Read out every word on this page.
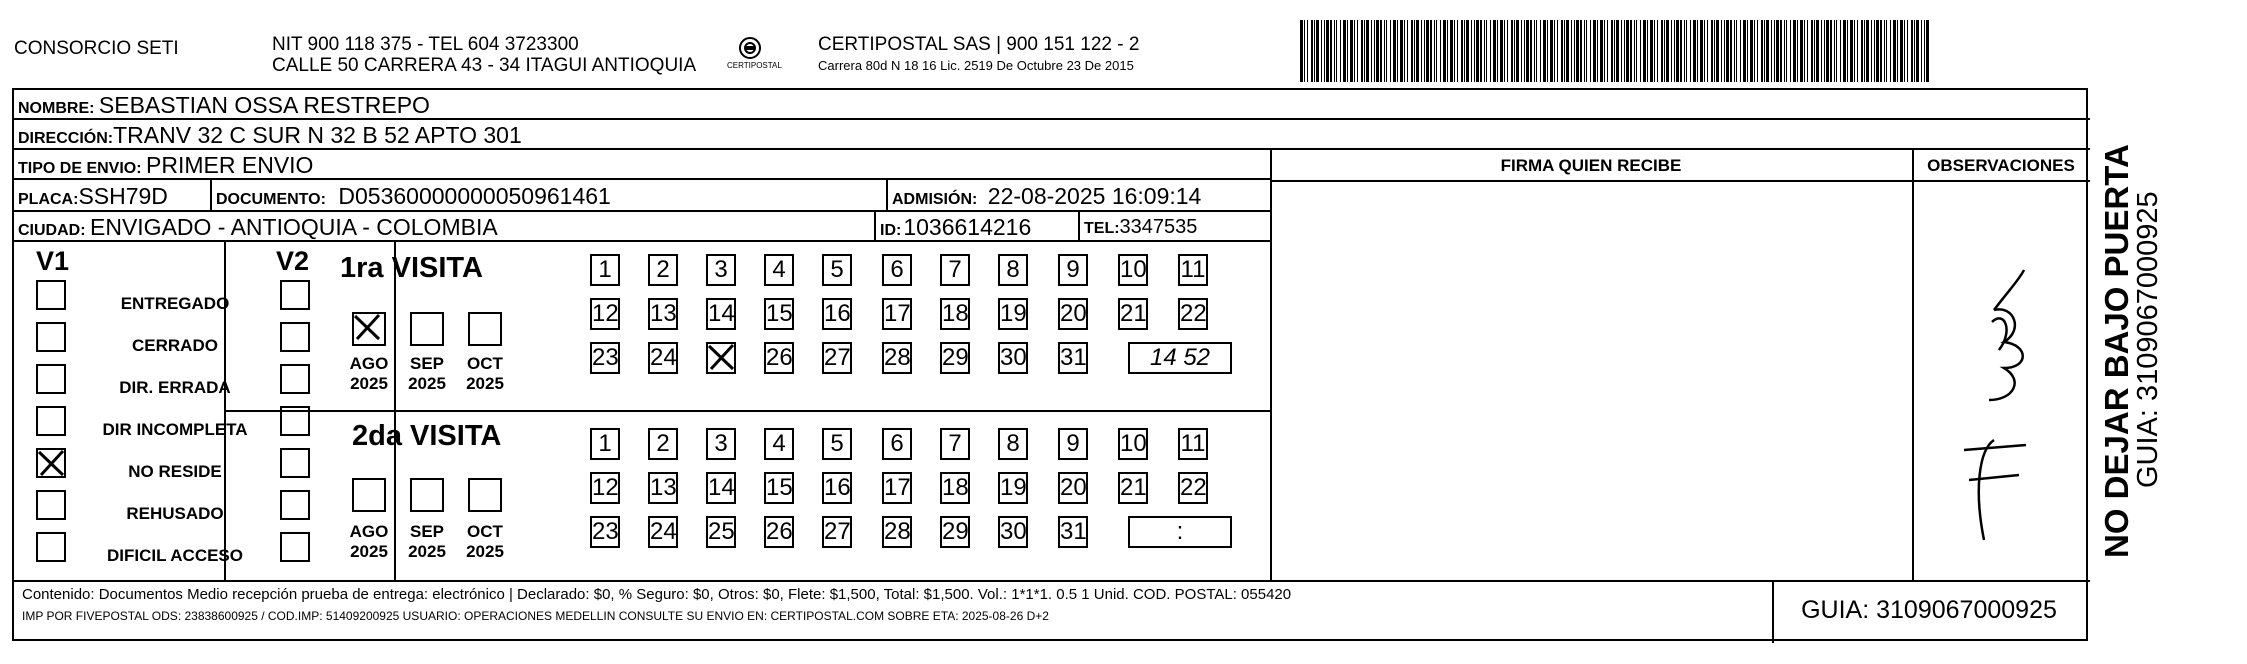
CONSORCIO SETI	NIT 900 118 375 - TEL 604 3723300
CALLE 50 CARRERA 43 - 34 ITAGUI ANTIOQUIA	CERTIPOSTAL
CERTIPOSTAL SAS | 900 151 122 - 2
Carrera 80d N 18 16 Lic. 2519 De Octubre 23 De 2015
NOMBRE: SEBASTIAN OSSA RESTREPO
DIRECCIÓN:TRANV 32 C SUR N 32 B 52 APTO 301
TIPO DE ENVIO: PRIMER ENVIO
PLACA:SSH79D	DOCUMENTO: D05360000000050961461	ADMISIÓN: 22-08-2025 16:09:14
CIUDAD: ENVIGADO - ANTIOQUIA - COLOMBIA	ID:1036614216	TEL:3347535
FIRMA QUIEN RECIBE	OBSERVACIONES
V1	V2
ENTREGADO
CERRADO
DIR. ERRADA
DIR INCOMPLETA
NO RESIDE
REHUSADO
DIFICIL ACCESO
1ra VISITA
2da VISITA
AGO
2025
SEP
2025
OCT
2025
AGO
2025
SEP
2025
OCT
2025
1	2	3	4	5	6	7	8	9	10 11
12 13 14 15 16 17 18 19 20 21 22
23 24	26 27 28 29 30 31	14 52
1	2	3	4	5	6	7	8	9	10 11
12 13 14 15 16 17 18 19 20 21 22
23 24 25 26 27 28 29 30 31	:
Contenido: Documentos Medio recepción prueba de entrega: electrónico | Declarado: $0, % Seguro: $0, Otros: $0, Flete: $1,500, Total: $1,500. Vol.: 1*1*1. 0.5 1 Unid. COD. POSTAL: 055420
IMP POR FIVEPOSTAL ODS: 23838600925 / COD.IMP: 51409200925 USUARIO: OPERACIONES MEDELLIN CONSULTE SU ENVIO EN: CERTIPOSTAL.COM SOBRE ETA: 2025-08-26 D+2	GUIA: 3109067000925
NO DEJAR BAJO PUERTA
GUIA: 3109067000925
